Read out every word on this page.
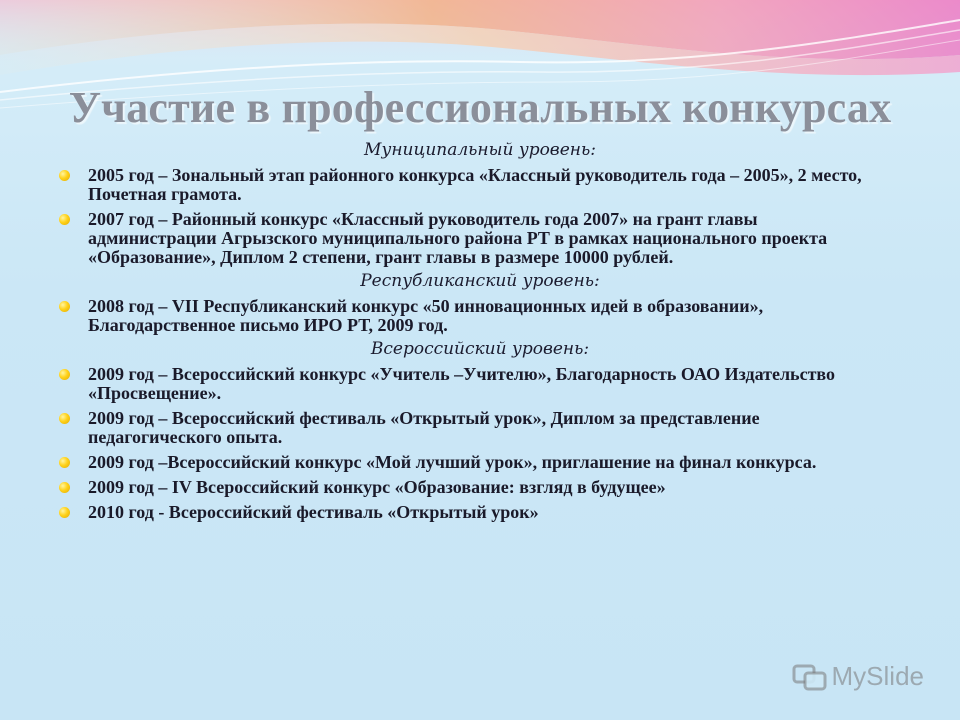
Участие в профессиональных конкурсах
Муниципальный уровень:
2005 год – Зональный этап районного конкурса «Классный руководитель года – 2005», 2 место, Почетная грамота.
2007 год – Районный конкурс «Классный руководитель года 2007» на грант главы администрации Агрызского муниципального района РТ в рамках национального проекта «Образование», Диплом 2 степени, грант главы в размере 10000 рублей.
Республиканский уровень:
2008 год – VII Республиканский конкурс «50 инновационных идей в образовании», Благодарственное письмо ИРО РТ, 2009 год.
Всероссийский уровень:
2009 год – Всероссийский конкурс «Учитель –Учителю», Благодарность ОАО Издательство «Просвещение».
2009 год – Всероссийский фестиваль «Открытый урок», Диплом за представление педагогического опыта.
2009 год –Всероссийский конкурс «Мой лучший урок», приглашение на финал конкурса.
2009 год – IV Всероссийский конкурс «Образование: взгляд в будущее»
2010 год - Всероссийский фестиваль «Открытый урок»
MySlide
